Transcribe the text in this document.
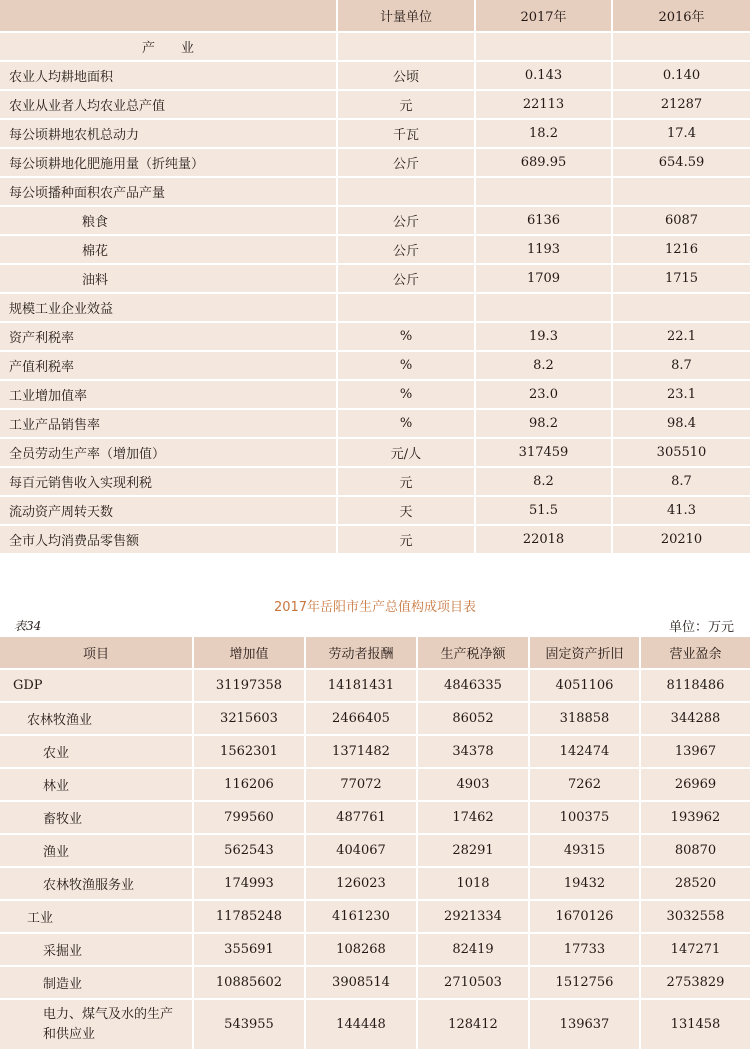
	计量单位	2017年	2016年
产　　业			
农业人均耕地面积	公顷	0.143	0.140
农业从业者人均农业总产值	元	22113	21287
每公顷耕地农机总动力	千瓦	18.2	17.4
每公顷耕地化肥施用量（折纯量）	公斤	689.95	654.59
每公顷播种面积农产品产量			
粮食	公斤	6136	6087
棉花	公斤	1193	1216
油料	公斤	1709	1715
规模工业企业效益			
资产利税率	%	19.3	22.1
产值利税率	%	8.2	8.7
工业增加值率	%	23.0	23.1
工业产品销售率	%	98.2	98.4
全员劳动生产率（增加值）	元/人	317459	305510
每百元销售收入实现利税	元	8.2	8.7
流动资产周转天数	天	51.5	41.3
全市人均消费品零售额	元	22018	20210
2017年岳阳市生产总值构成项目表
表34	单位：万元
项目	增加值	劳动者报酬	生产税净额	固定资产折旧	营业盈余
GDP	31197358	14181431	4846335	4051106	8118486
农林牧渔业	3215603	2466405	86052	318858	344288
农业	1562301	1371482	34378	142474	13967
林业	116206	77072	4903	7262	26969
畜牧业	799560	487761	17462	100375	193962
渔业	562543	404067	28291	49315	80870
农林牧渔服务业	174993	126023	1018	19432	28520
工业	11785248	4161230	2921334	1670126	3032558
采掘业	355691	108268	82419	17733	147271
制造业	10885602	3908514	2710503	1512756	2753829
电力、煤气及水的生产和供应业	543955	144448	128412	139637	131458
